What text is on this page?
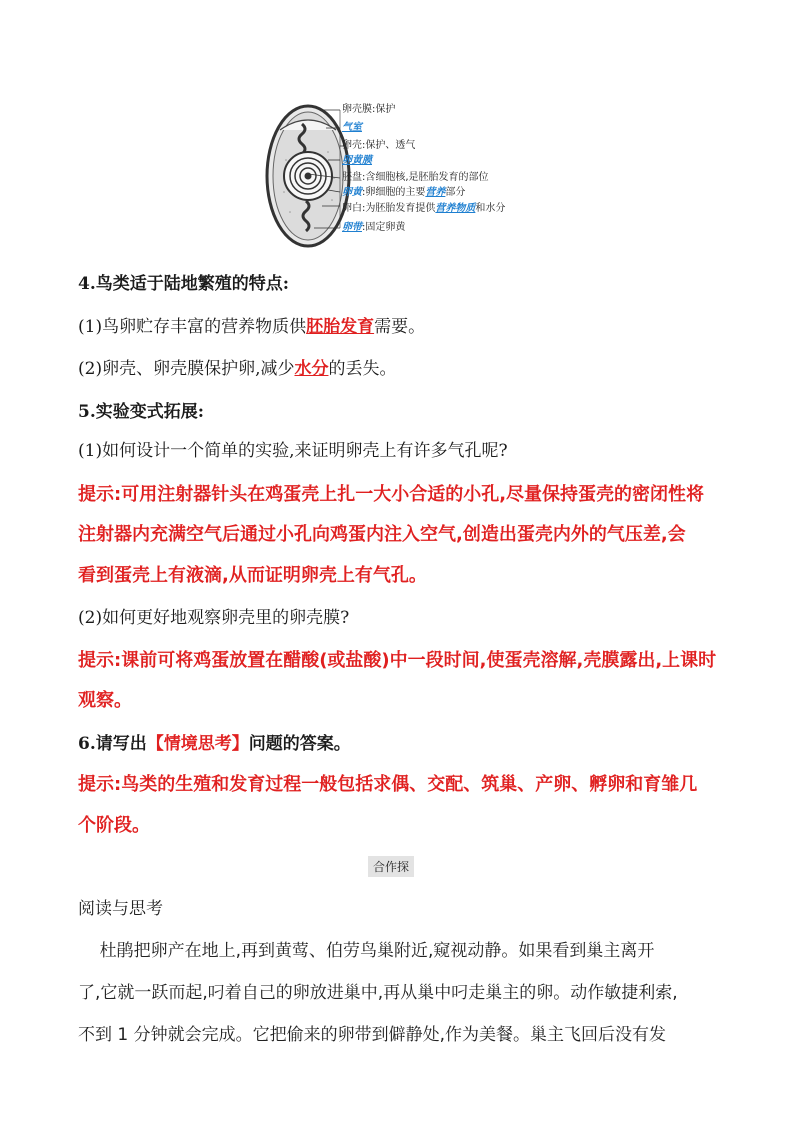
卵壳膜:保护
气室
卵壳:保护、透气
卵黄膜
胚盘:含细胞核,是胚胎发育的部位
卵黄:卵细胞的主要营养部分
卵白:为胚胎发育提供营养物质和水分
卵带:固定卵黄
4.鸟类适于陆地繁殖的特点:
(1)鸟卵贮存丰富的营养物质供胚胎发育需要。
(2)卵壳、卵壳膜保护卵,减少水分的丢失。
5.实验变式拓展:
(1)如何设计一个简单的实验,来证明卵壳上有许多气孔呢?
提示:可用注射器针头在鸡蛋壳上扎一大小合适的小孔,尽量保持蛋壳的密闭性将
注射器内充满空气后通过小孔向鸡蛋内注入空气,创造出蛋壳内外的气压差,会
看到蛋壳上有液滴,从而证明卵壳上有气孔。
(2)如何更好地观察卵壳里的卵壳膜?
提示:课前可将鸡蛋放置在醋酸(或盐酸)中一段时间,使蛋壳溶解,壳膜露出,上课时
观察。
6.请写出【情境思考】问题的答案。
提示:鸟类的生殖和发育过程一般包括求偶、交配、筑巢、产卵、孵卵和育雏几
个阶段。
合作探
阅读与思考
杜鹃把卵产在地上,再到黄莺、伯劳鸟巢附近,窥视动静。如果看到巢主离开
了,它就一跃而起,叼着自己的卵放进巢中,再从巢中叼走巢主的卵。动作敏捷利索,
不到 1 分钟就会完成。它把偷来的卵带到僻静处,作为美餐。巢主飞回后没有发
